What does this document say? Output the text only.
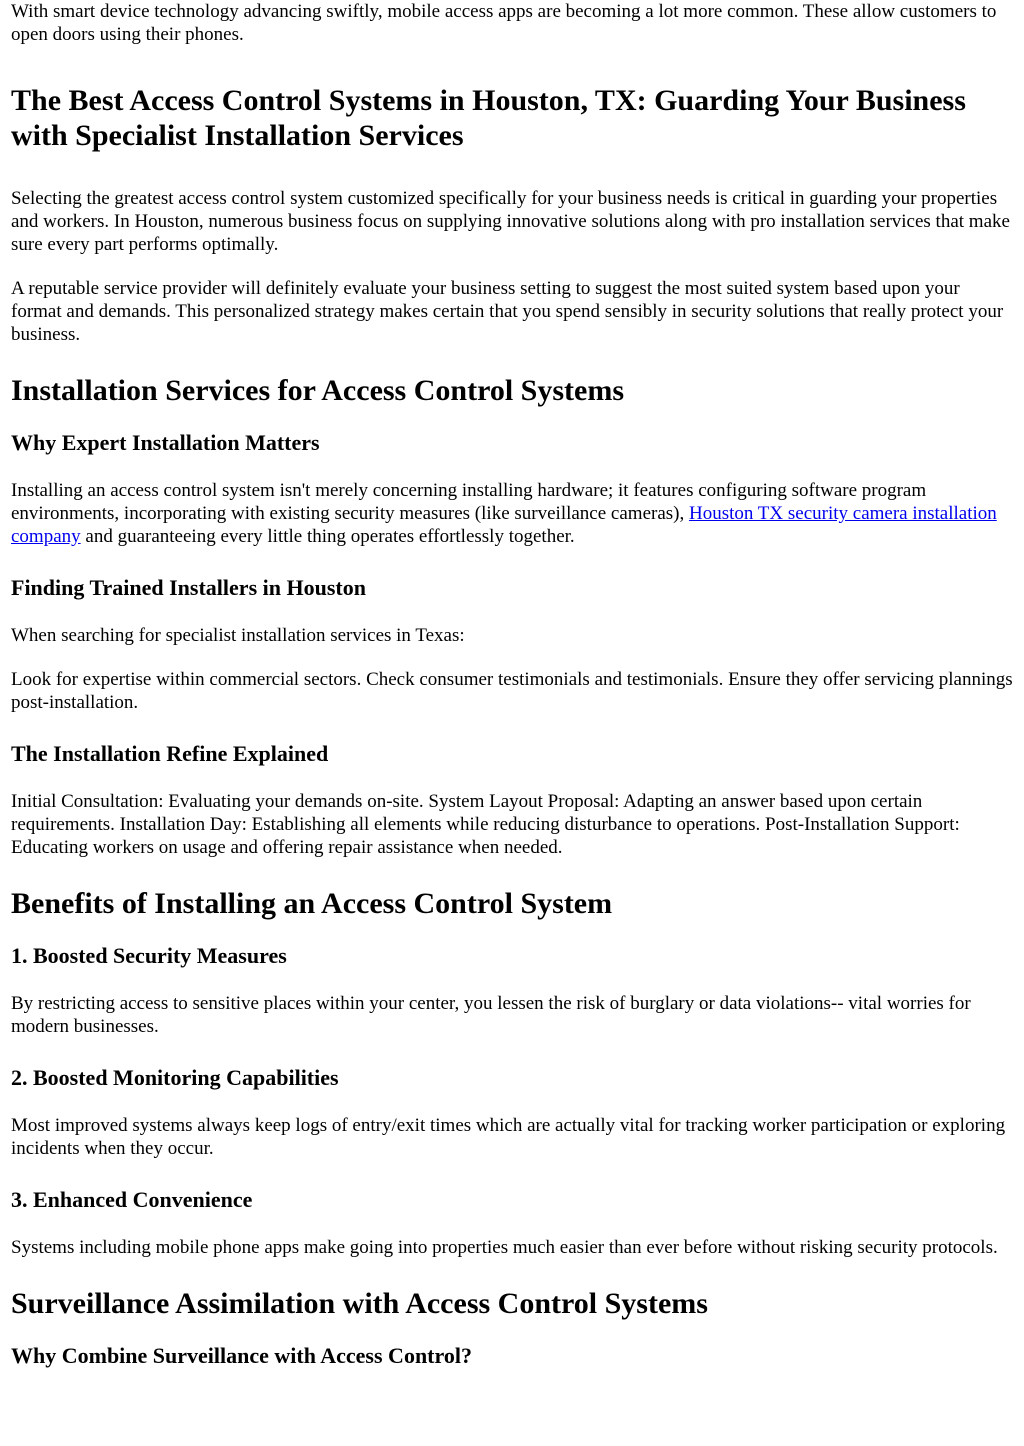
With smart device technology advancing swiftly, mobile access apps are becoming a lot more common. These allow customers to open doors using their phones.

The Best Access Control Systems in Houston, TX: Guarding Your Business with Specialist Installation Services

Selecting the greatest access control system customized specifically for your business needs is critical in guarding your properties and workers. In Houston, numerous business focus on supplying innovative solutions along with pro installation services that make sure every part performs optimally.

A reputable service provider will definitely evaluate your business setting to suggest the most suited system based upon your format and demands. This personalized strategy makes certain that you spend sensibly in security solutions that really protect your business.

Installation Services for Access Control Systems
Why Expert Installation Matters

Installing an access control system isn't merely concerning installing hardware; it features configuring software program environments, incorporating with existing security measures (like surveillance cameras), Houston TX security camera installation company and guaranteeing every little thing operates effortlessly together.

Finding Trained Installers in Houston

When searching for specialist installation services in Texas:

Look for expertise within commercial sectors. Check consumer testimonials and testimonials. Ensure they offer servicing plannings post-installation.

The Installation Refine Explained

Initial Consultation: Evaluating your demands on-site. System Layout Proposal: Adapting an answer based upon certain requirements. Installation Day: Establishing all elements while reducing disturbance to operations. Post-Installation Support: Educating workers on usage and offering repair assistance when needed.

Benefits of Installing an Access Control System
1. Boosted Security Measures

By restricting access to sensitive places within your center, you lessen the risk of burglary or data violations-- vital worries for modern businesses.

2. Boosted Monitoring Capabilities

Most improved systems always keep logs of entry/exit times which are actually vital for tracking worker participation or exploring incidents when they occur.

3. Enhanced Convenience

Systems including mobile phone apps make going into properties much easier than ever before without risking security protocols.

Surveillance Assimilation with Access Control Systems
Why Combine Surveillance with Access Control?
